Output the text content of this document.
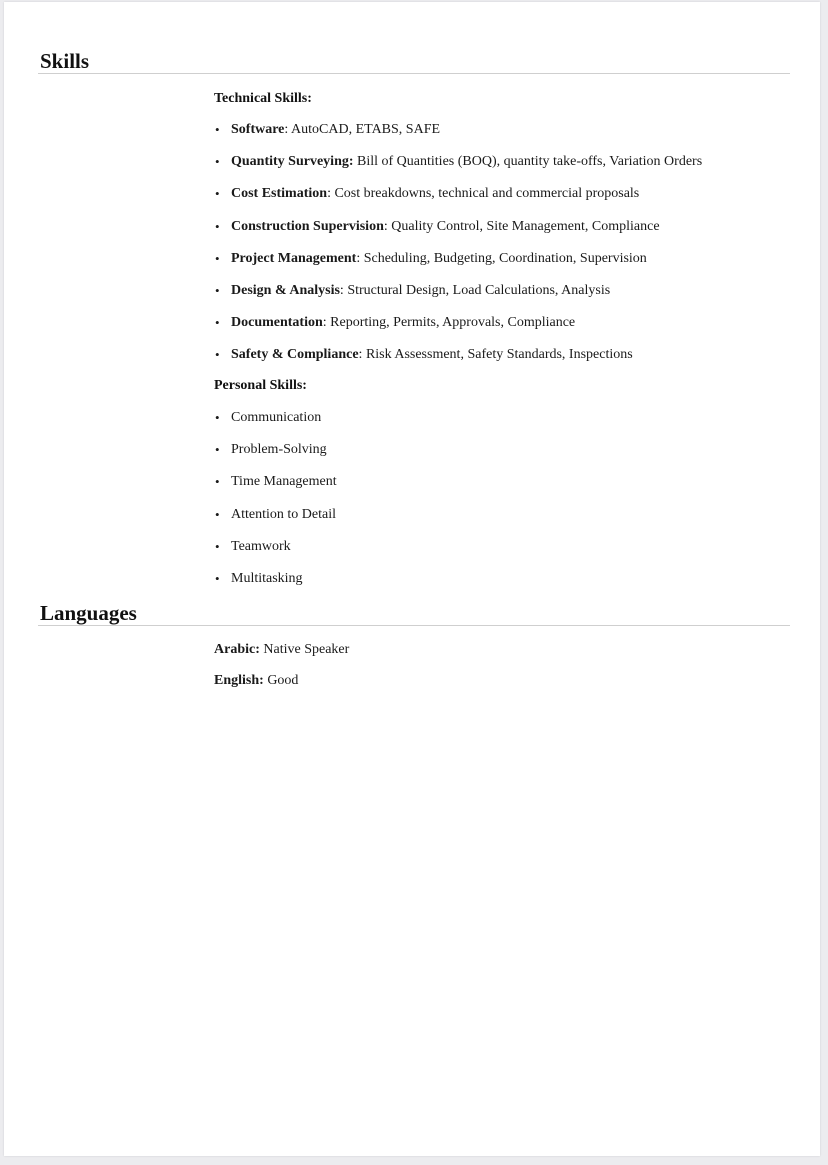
Skills
Technical Skills:
• Software: AutoCAD, ETABS, SAFE
• Quantity Surveying: Bill of Quantities (BOQ), quantity take-offs, Variation Orders
• Cost Estimation: Cost breakdowns, technical and commercial proposals
• Construction Supervision: Quality Control, Site Management, Compliance
• Project Management: Scheduling, Budgeting, Coordination, Supervision
• Design & Analysis: Structural Design, Load Calculations, Analysis
• Documentation: Reporting, Permits, Approvals, Compliance
• Safety & Compliance: Risk Assessment, Safety Standards, Inspections
Personal Skills:
• Communication
• Problem-Solving
• Time Management
• Attention to Detail
• Teamwork
• Multitasking
Languages
Arabic: Native Speaker
English: Good
